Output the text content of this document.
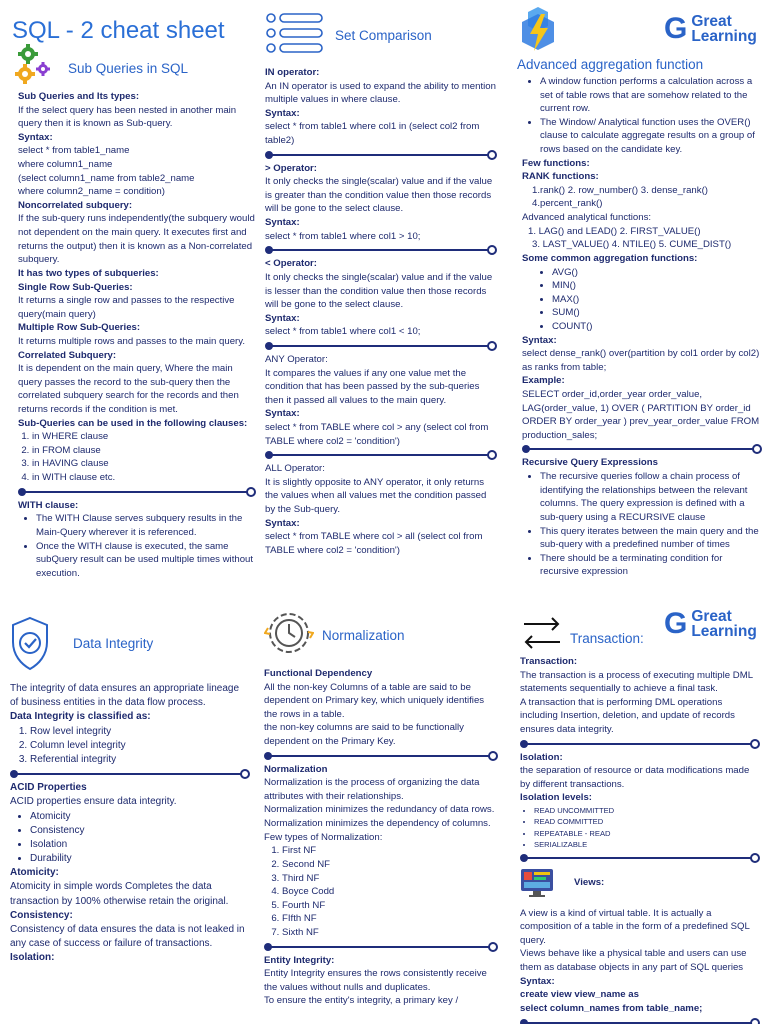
SQL - 2 cheat sheet
Sub Queries in SQL
Sub Queries and Its types:
If the select query has been nested in another main query then it is known as Sub-query.
Syntax:
select * from table1_name
where column1_name
(select column1_name from table2_name
where column2_name = condition)
Noncorrelated subquery:
If the sub-query runs independently(the subquery would not dependent on the main query. It executes first and returns the output) then it is known as a Non-correlated subquery.
It has two types of subqueries:
Single Row Sub-Queries:
It returns a single row and passes to the respective query(main query)
Multiple Row Sub-Queries:
It returns multiple rows and passes to the main query.
Correlated Subquery:
It is dependent on the main query, Where the main query passes the record to the sub-query then the correlated subquery search for the records and then returns records if the condition is met.
Sub-Queries can be used in the following clauses:
1. in WHERE clause
2. in FROM clause
3. in HAVING clause
4. in WITH clause etc.
WITH clause:
• The WITH Clause serves subquery results in the Main-Query wherever it is referenced.
• Once the WITH clause is executed, the same subQuery result can be used multiple times without execution.
Set Comparison
IN operator:
An IN operator is used to expand the ability to mention multiple values in where clause.
Syntax:
select * from table1 where col1 in (select col2 from table2)
> Operator:
It only checks the single(scalar) value and if the value is greater than the condition value then those records will be gone to the select clause.
Syntax:
select * from table1 where col1 > 10;
< Operator:
It only checks the single(scalar) value and if the value is lesser than the condition value then those records will be gone to the select clause.
Syntax:
select * from table1 where col1 < 10;
ANY Operator:
It compares the values if any one value met the condition that has been passed by the sub-queries then it passed all values to the main query.
Syntax:
select * from TABLE where col > any (select col from TABLE where col2 = 'condition')
ALL Operator:
It is slightly opposite to ANY operator, it only returns the values when all values met the condition passed by the Sub-query.
Syntax:
select * from TABLE where col > all (select col from TABLE where col2 = 'condition')
G Great
Learning
Advanced aggregation function
• A window function performs a calculation across a set of table rows that are somehow related to the current row.
• The Window/ Analytical function uses the OVER() clause to calculate aggregate results on a group of rows based on the candidate key.
Few functions:
RANK functions:
1.rank() 2. row_number() 3. dense_rank()
4.percent_rank()
Advanced analytical functions:
1. LAG() and LEAD() 2. FIRST_VALUE()
3. LAST_VALUE() 4. NTILE() 5. CUME_DIST()
Some common aggregation functions:
• AVG()
• MIN()
• MAX()
• SUM()
• COUNT()
Syntax:
select dense_rank() over(partition by col1 order by col2) as ranks from table;
Example:
SELECT order_id,order_year order_value, LAG(order_value, 1) OVER ( PARTITION BY order_id ORDER BY order_year ) prev_year_order_value FROM production_sales;
Recursive Query Expressions
• The recursive queries follow a chain process of identifying the relationships between the relevant columns. The query expression is defined with a sub-query using a RECURSIVE clause
• This query iterates between the main query and the sub-query with a predefined number of times
• There should be a terminating condition for recursive expression
Data Integrity
The integrity of data ensures an appropriate lineage of business entities in the data flow process.
Data Integrity is classified as:
1. Row level integrity
2. Column level integrity
3. Referential integrity
ACID Properties
ACID properties ensure data integrity.
• Atomicity
• Consistency
• Isolation
• Durability
Atomicity:
Atomicity in simple words Completes the data transaction by 100% otherwise retain the original.
Consistency:
Consistency of data ensures the data is not leaked in any case of success or failure of transactions.
Isolation:
Normalization
Functional Dependency
All the non-key Columns of a table are said to be dependent on Primary key, which uniquely identifies the rows in a table.
the non-key columns are said to be functionally dependent on the Primary Key.
Normalization
Normalization is the process of organizing the data attributes with their relationships.
Normalization minimizes the redundancy of data rows.
Normalization minimizes the dependency of columns.
Few types of Normalization:
1. First NF
2. Second NF
3. Third NF
4. Boyce Codd
5. Fourth NF
6. FIfth NF
7. Sixth NF
Entity Integrity:
Entity Integrity ensures the rows consistently receive the values without nulls and duplicates.
To ensure the entity's integrity, a primary key /
Transaction: G Great
Learning
Transaction:
The transaction is a process of executing multiple DML statements sequentially to achieve a final task.
A transaction that is performing DML operations including Insertion, deletion, and update of records ensures data integrity.
Isolation:
the separation of resource or data modifications made by different transactions.
Isolation levels:
• READ UNCOMMITTED
• READ COMMITTED
• REPEATABLE - READ
• SERIALIZABLE
Views:
A view is a kind of virtual table. It is actually a composition of a table in the form of a predefined SQL query.
Views behave like a physical table and users can use them as database objects in any part of SQL queries
Syntax:
create view view_name as
select column_names from table_name;
